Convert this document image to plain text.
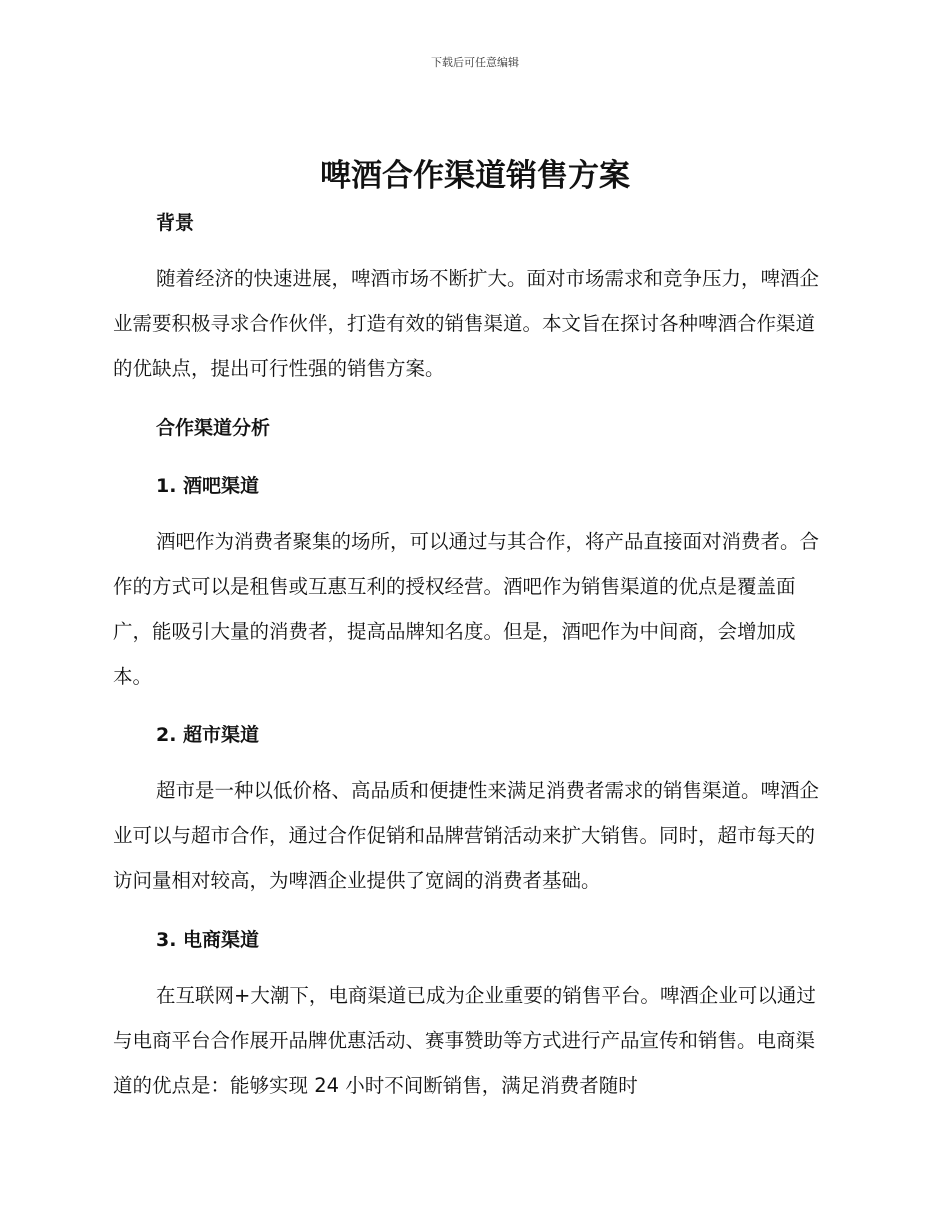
下载后可任意编辑
啤酒合作渠道销售方案
背景

随着经济的快速进展，啤酒市场不断扩大。面对市场需求和竞争压力，啤酒企业需要积极寻求合作伙伴，打造有效的销售渠道。本文旨在探讨各种啤酒合作渠道的优缺点，提出可行性强的销售方案。

合作渠道分析
1. 酒吧渠道

酒吧作为消费者聚集的场所，可以通过与其合作，将产品直接面对消费者。合作的方式可以是租售或互惠互利的授权经营。酒吧作为销售渠道的优点是覆盖面广，能吸引大量的消费者，提高品牌知名度。但是，酒吧作为中间商，会增加成本。

2. 超市渠道

超市是一种以低价格、高品质和便捷性来满足消费者需求的销售渠道。啤酒企业可以与超市合作，通过合作促销和品牌营销活动来扩大销售。同时，超市每天的访问量相对较高，为啤酒企业提供了宽阔的消费者基础。

3. 电商渠道

在互联网+大潮下，电商渠道已成为企业重要的销售平台。啤酒企业可以通过与电商平台合作展开品牌优惠活动、赛事赞助等方式进行产品宣传和销售。电商渠道的优点是：能够实现 24 小时不间断销售，满足消费者随时
